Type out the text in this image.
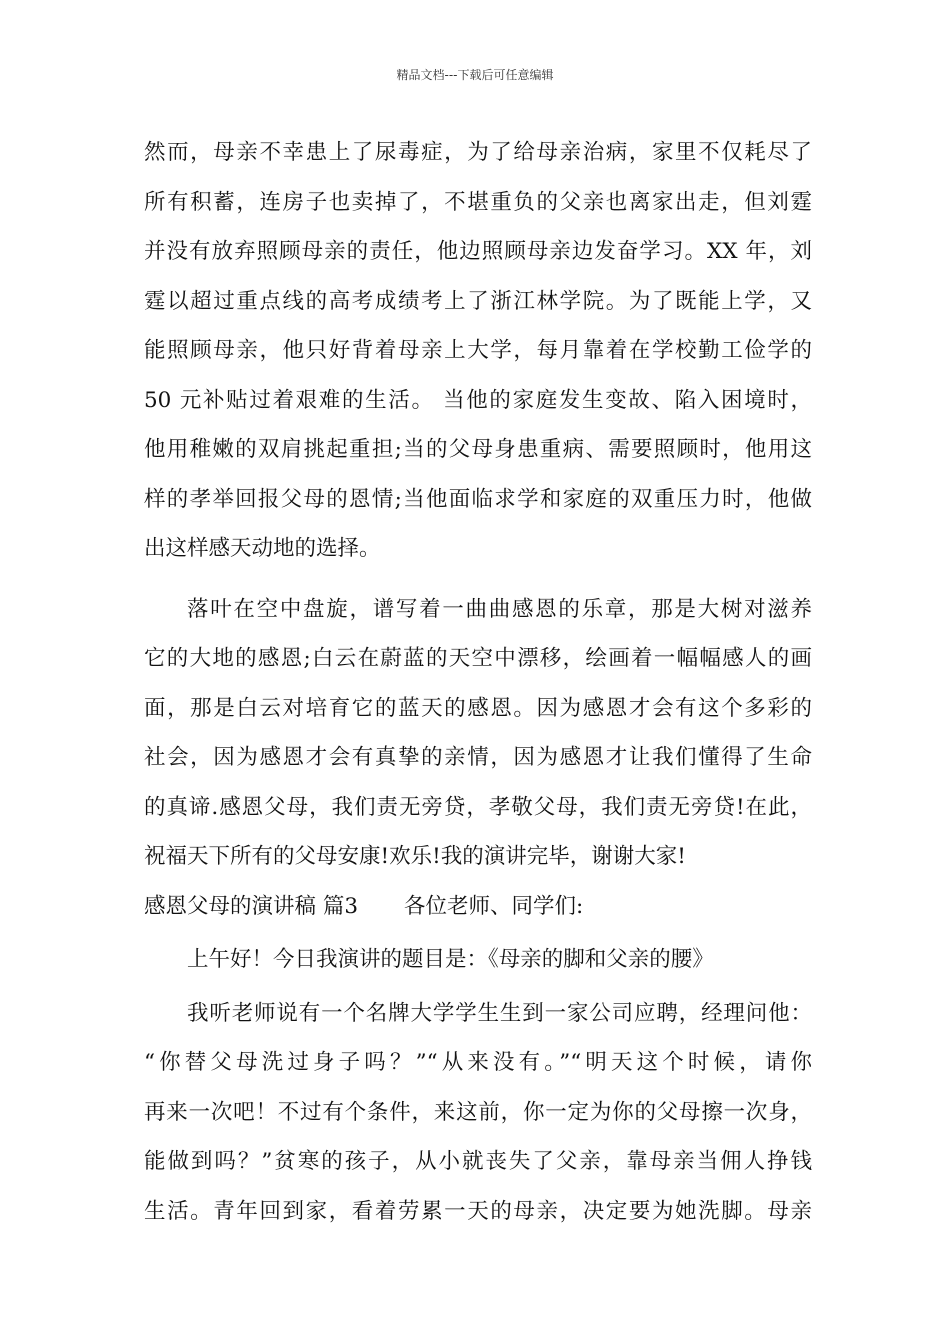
精品文档---下载后可任意编辑
然而，母亲不幸患上了尿毒症，为了给母亲治病，家里不仅耗尽了
所有积蓄，连房子也卖掉了，不堪重负的父亲也离家出走，但刘霆
并没有放弃照顾母亲的责任，他边照顾母亲边发奋学习。XX 年，刘
霆以超过重点线的高考成绩考上了浙江林学院。为了既能上学，又
能照顾母亲，他只好背着母亲上大学，每月靠着在学校勤工俭学的
50 元补贴过着艰难的生活。 当他的家庭发生变故、陷入困境时，
他用稚嫩的双肩挑起重担;当的父母身患重病、需要照顾时，他用这
样的孝举回报父母的恩情;当他面临求学和家庭的双重压力时，他做
出这样感天动地的选择。
落叶在空中盘旋，谱写着一曲曲感恩的乐章，那是大树对滋养
它的大地的感恩;白云在蔚蓝的天空中漂移，绘画着一幅幅感人的画
面，那是白云对培育它的蓝天的感恩。因为感恩才会有这个多彩的
社会，因为感恩才会有真挚的亲情，因为感恩才让我们懂得了生命
的真谛.感恩父母，我们责无旁贷，孝敬父母，我们责无旁贷!在此，
祝福天下所有的父母安康!欢乐!我的演讲完毕，谢谢大家!
感恩父母的演讲稿 篇3 各位老师、同学们:
上午好！今日我演讲的题目是：《母亲的脚和父亲的腰》
我听老师说有一个名牌大学学生生到一家公司应聘，经理问他：
“你替父母洗过身子吗？”“从来没有。”“明天这个时候，请你
再来一次吧！不过有个条件，来这前，你一定为你的父母擦一次身，
能做到吗？”贫寒的孩子，从小就丧失了父亲，靠母亲当佣人挣钱
生活。青年回到家，看着劳累一天的母亲，决定要为她洗脚。母亲
